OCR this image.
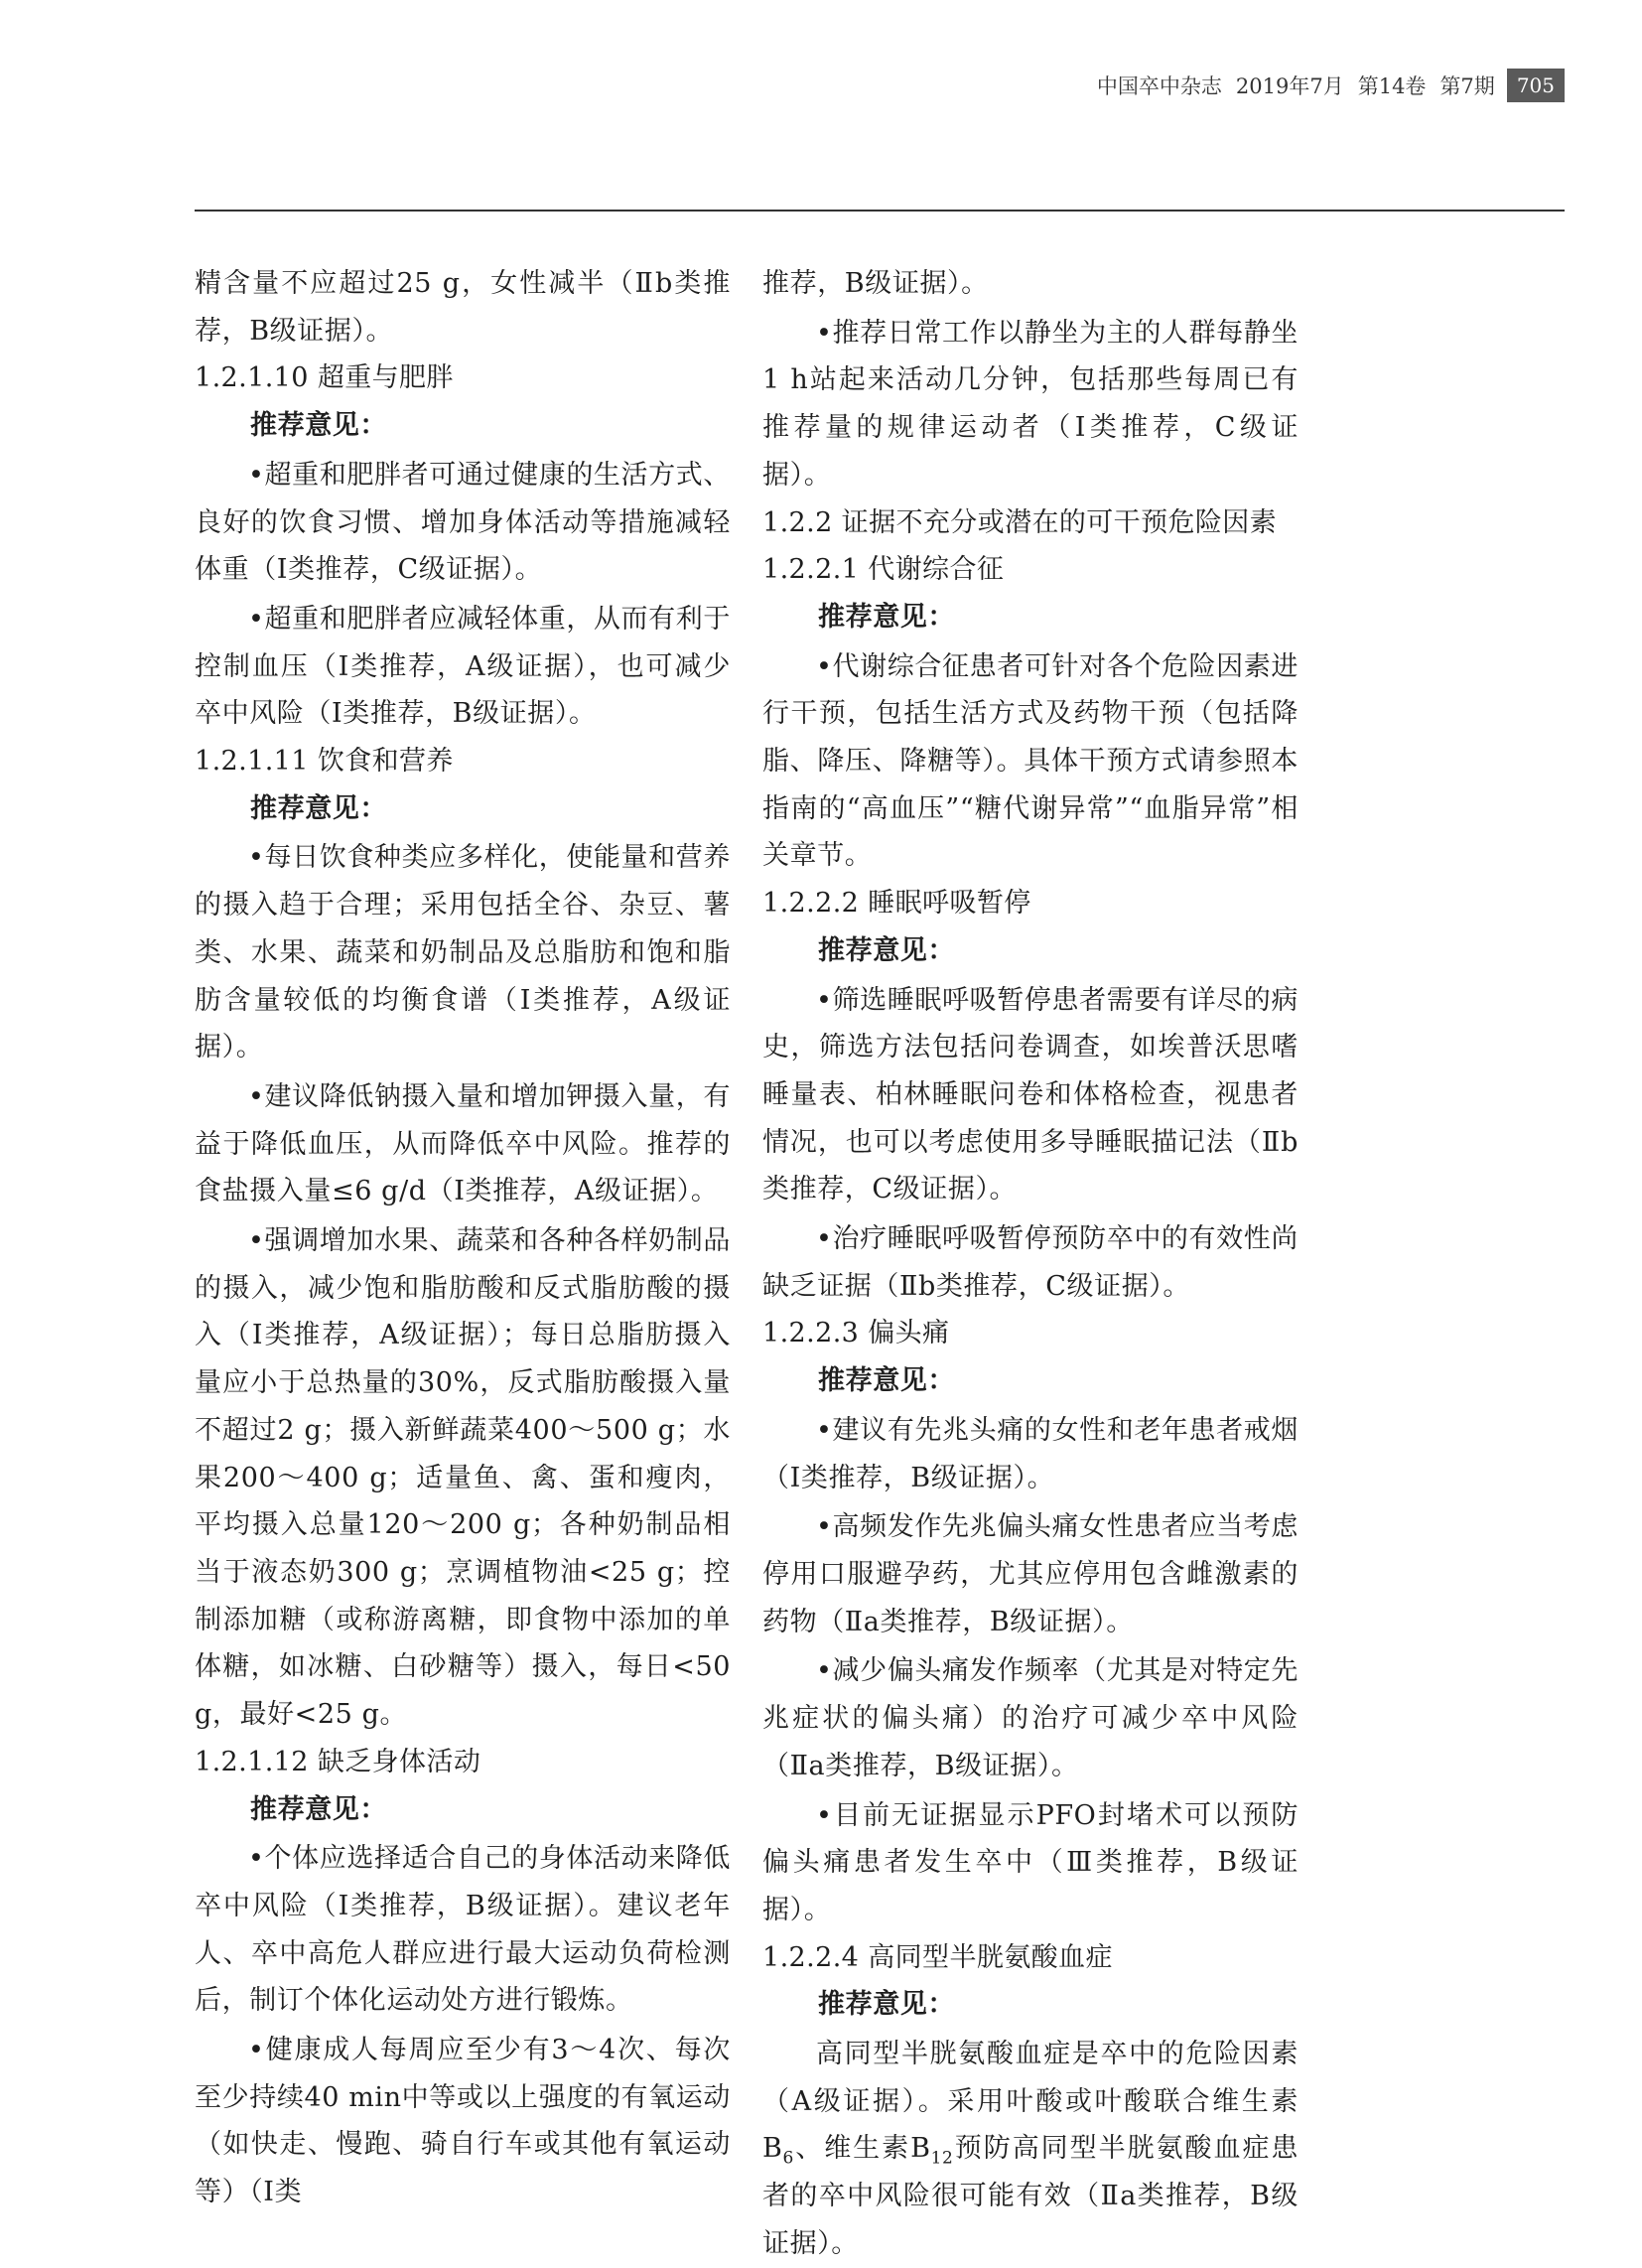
中国卒中杂志 2019年7月 第14卷 第7期	705

精含量不应超过25 g，女性减半（Ⅱb类推荐，B级证据）。

1.2.1.10 超重与肥胖

推荐意见：

•超重和肥胖者可通过健康的生活方式、良好的饮食习惯、增加身体活动等措施减轻体重（Ⅰ类推荐，C级证据）。

•超重和肥胖者应减轻体重，从而有利于控制血压（Ⅰ类推荐，A级证据），也可减少卒中风险（Ⅰ类推荐，B级证据）。

1.2.1.11 饮食和营养

推荐意见：

•每日饮食种类应多样化，使能量和营养的摄入趋于合理；采用包括全谷、杂豆、薯类、水果、蔬菜和奶制品及总脂肪和饱和脂肪含量较低的均衡食谱（Ⅰ类推荐，A级证据）。

•建议降低钠摄入量和增加钾摄入量，有益于降低血压，从而降低卒中风险。推荐的食盐摄入量≤6 g/d（Ⅰ类推荐，A级证据）。

•强调增加水果、蔬菜和各种各样奶制品的摄入，减少饱和脂肪酸和反式脂肪酸的摄入（Ⅰ类推荐，A级证据）；每日总脂肪摄入量应小于总热量的30%，反式脂肪酸摄入量不超过2 g；摄入新鲜蔬菜400～500 g；水果200～400 g；适量鱼、禽、蛋和瘦肉，平均摄入总量120～200 g；各种奶制品相当于液态奶300 g；烹调植物油<25 g；控制添加糖（或称游离糖，即食物中添加的单体糖，如冰糖、白砂糖等）摄入，每日<50 g，最好<25 g。

1.2.1.12 缺乏身体活动

推荐意见：

•个体应选择适合自己的身体活动来降低卒中风险（Ⅰ类推荐，B级证据）。建议老年人、卒中高危人群应进行最大运动负荷检测后，制订个体化运动处方进行锻炼。

•健康成人每周应至少有3～4次、每次至少持续40 min中等或以上强度的有氧运动（如快走、慢跑、骑自行车或其他有氧运动等）（Ⅰ类

推荐，B级证据）。

•推荐日常工作以静坐为主的人群每静坐1 h站起来活动几分钟，包括那些每周已有推荐量的规律运动者（Ⅰ类推荐，C级证据）。

1.2.2 证据不充分或潜在的可干预危险因素

1.2.2.1 代谢综合征

推荐意见：

•代谢综合征患者可针对各个危险因素进行干预，包括生活方式及药物干预（包括降脂、降压、降糖等）。具体干预方式请参照本指南的“高血压”“糖代谢异常”“血脂异常”相关章节。

1.2.2.2 睡眠呼吸暂停

推荐意见：

•筛选睡眠呼吸暂停患者需要有详尽的病史，筛选方法包括问卷调查，如埃普沃思嗜睡量表、柏林睡眠问卷和体格检查，视患者情况，也可以考虑使用多导睡眠描记法（Ⅱb类推荐，C级证据）。

•治疗睡眠呼吸暂停预防卒中的有效性尚缺乏证据（Ⅱb类推荐，C级证据）。

1.2.2.3 偏头痛

推荐意见：

•建议有先兆头痛的女性和老年患者戒烟（Ⅰ类推荐，B级证据）。

•高频发作先兆偏头痛女性患者应当考虑停用口服避孕药，尤其应停用包含雌激素的药物（Ⅱa类推荐，B级证据）。

•减少偏头痛发作频率（尤其是对特定先兆症状的偏头痛）的治疗可减少卒中风险（Ⅱa类推荐，B级证据）。

•目前无证据显示PFO封堵术可以预防偏头痛患者发生卒中（Ⅲ类推荐，B级证据）。

1.2.2.4 高同型半胱氨酸血症

推荐意见：

高同型半胱氨酸血症是卒中的危险因素（A级证据）。采用叶酸或叶酸联合维生素$B_6$、维生素$B_{12}$预防高同型半胱氨酸血症患者的卒中风险很可能有效（Ⅱa类推荐，B级证据）。
